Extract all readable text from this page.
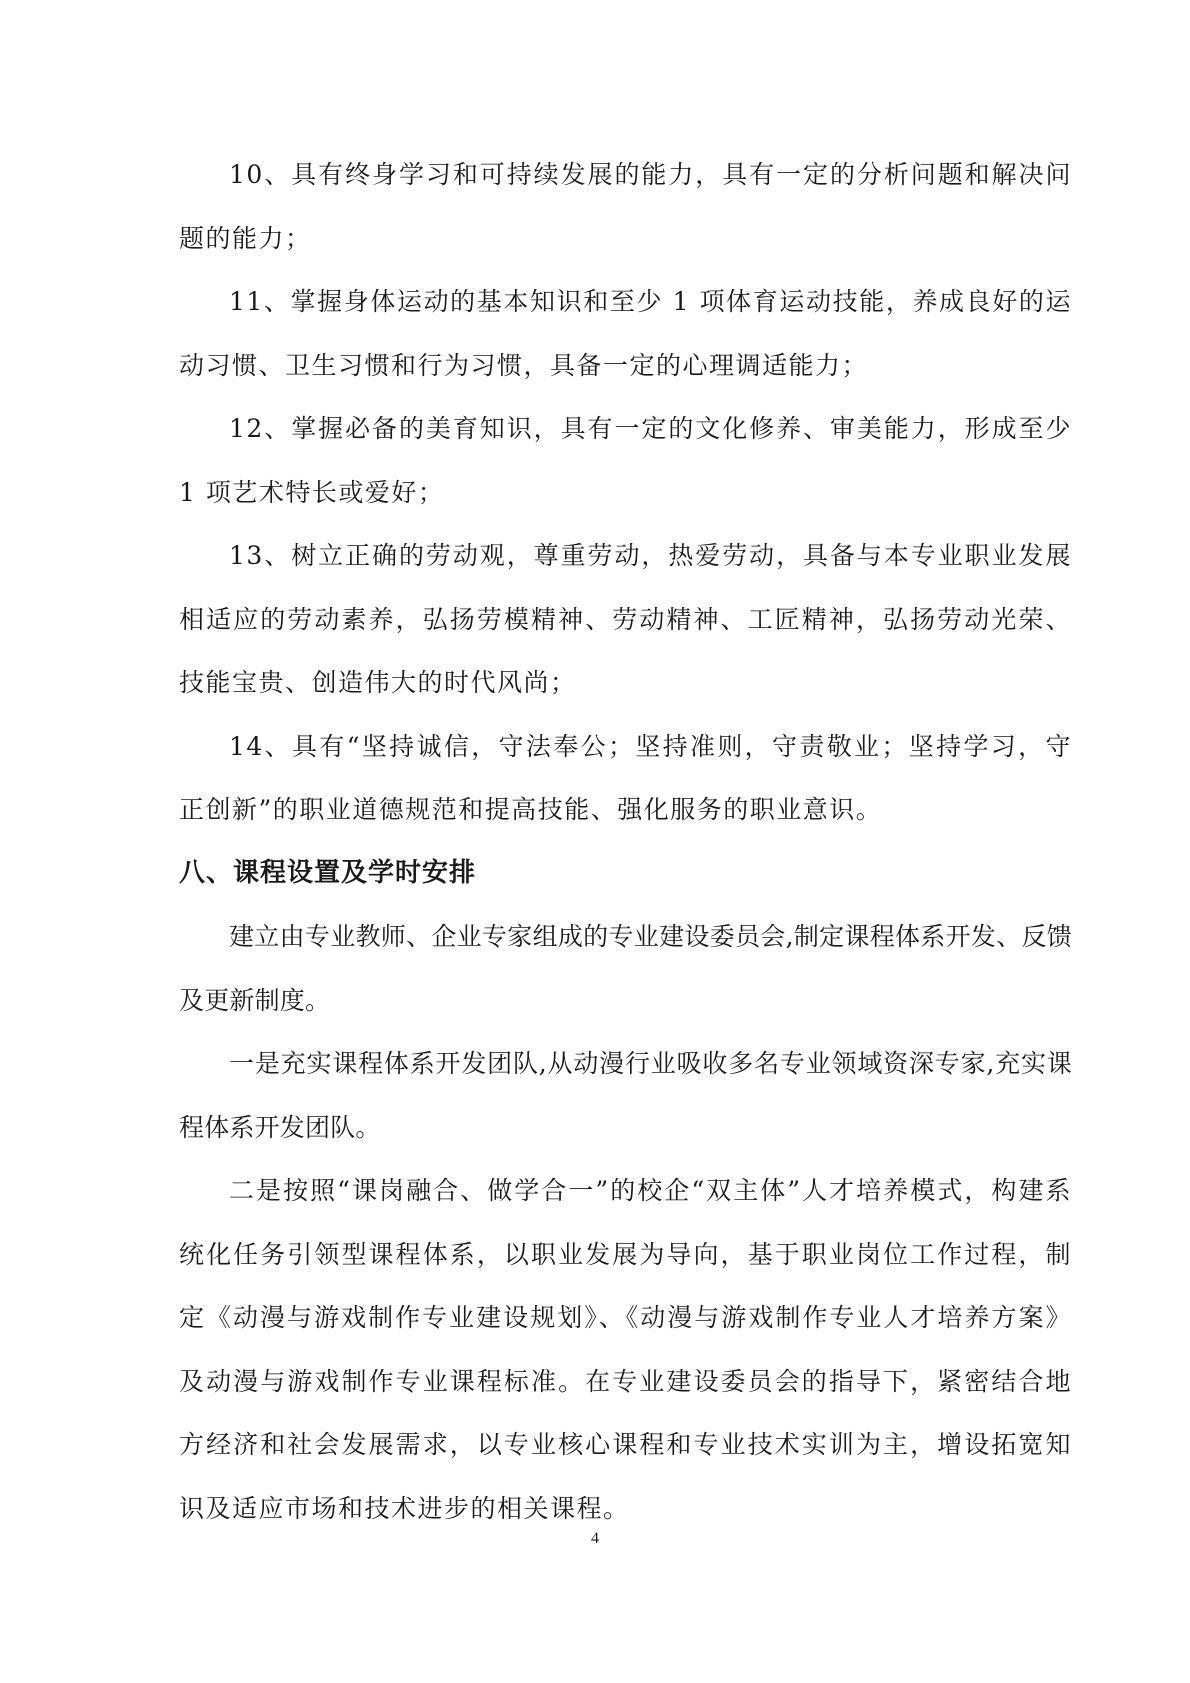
10、具有终身学习和可持续发展的能力，具有一定的分析问题和解决问题的能力；

11、掌握身体运动的基本知识和至少 1 项体育运动技能，养成良好的运动习惯、卫生习惯和行为习惯，具备一定的心理调适能力；

12、掌握必备的美育知识，具有一定的文化修养、审美能力，形成至少 1 项艺术特长或爱好；

13、树立正确的劳动观，尊重劳动，热爱劳动，具备与本专业职业发展相适应的劳动素养，弘扬劳模精神、劳动精神、工匠精神，弘扬劳动光荣、技能宝贵、创造伟大的时代风尚；

14、具有“坚持诚信，守法奉公；坚持准则，守责敬业；坚持学习，守正创新”的职业道德规范和提高技能、强化服务的职业意识。

八、课程设置及学时安排

建立由专业教师、企业专家组成的专业建设委员会,制定课程体系开发、反馈及更新制度。

一是充实课程体系开发团队,从动漫行业吸收多名专业领域资深专家,充实课程体系开发团队。

二是按照“课岗融合、做学合一”的校企“双主体”人才培养模式，构建系统化任务引领型课程体系，以职业发展为导向，基于职业岗位工作过程，制定《动漫与游戏制作专业建设规划》、《动漫与游戏制作专业人才培养方案》及动漫与游戏制作专业课程标准。在专业建设委员会的指导下，紧密结合地方经济和社会发展需求，以专业核心课程和专业技术实训为主，增设拓宽知识及适应市场和技术进步的相关课程。

4
